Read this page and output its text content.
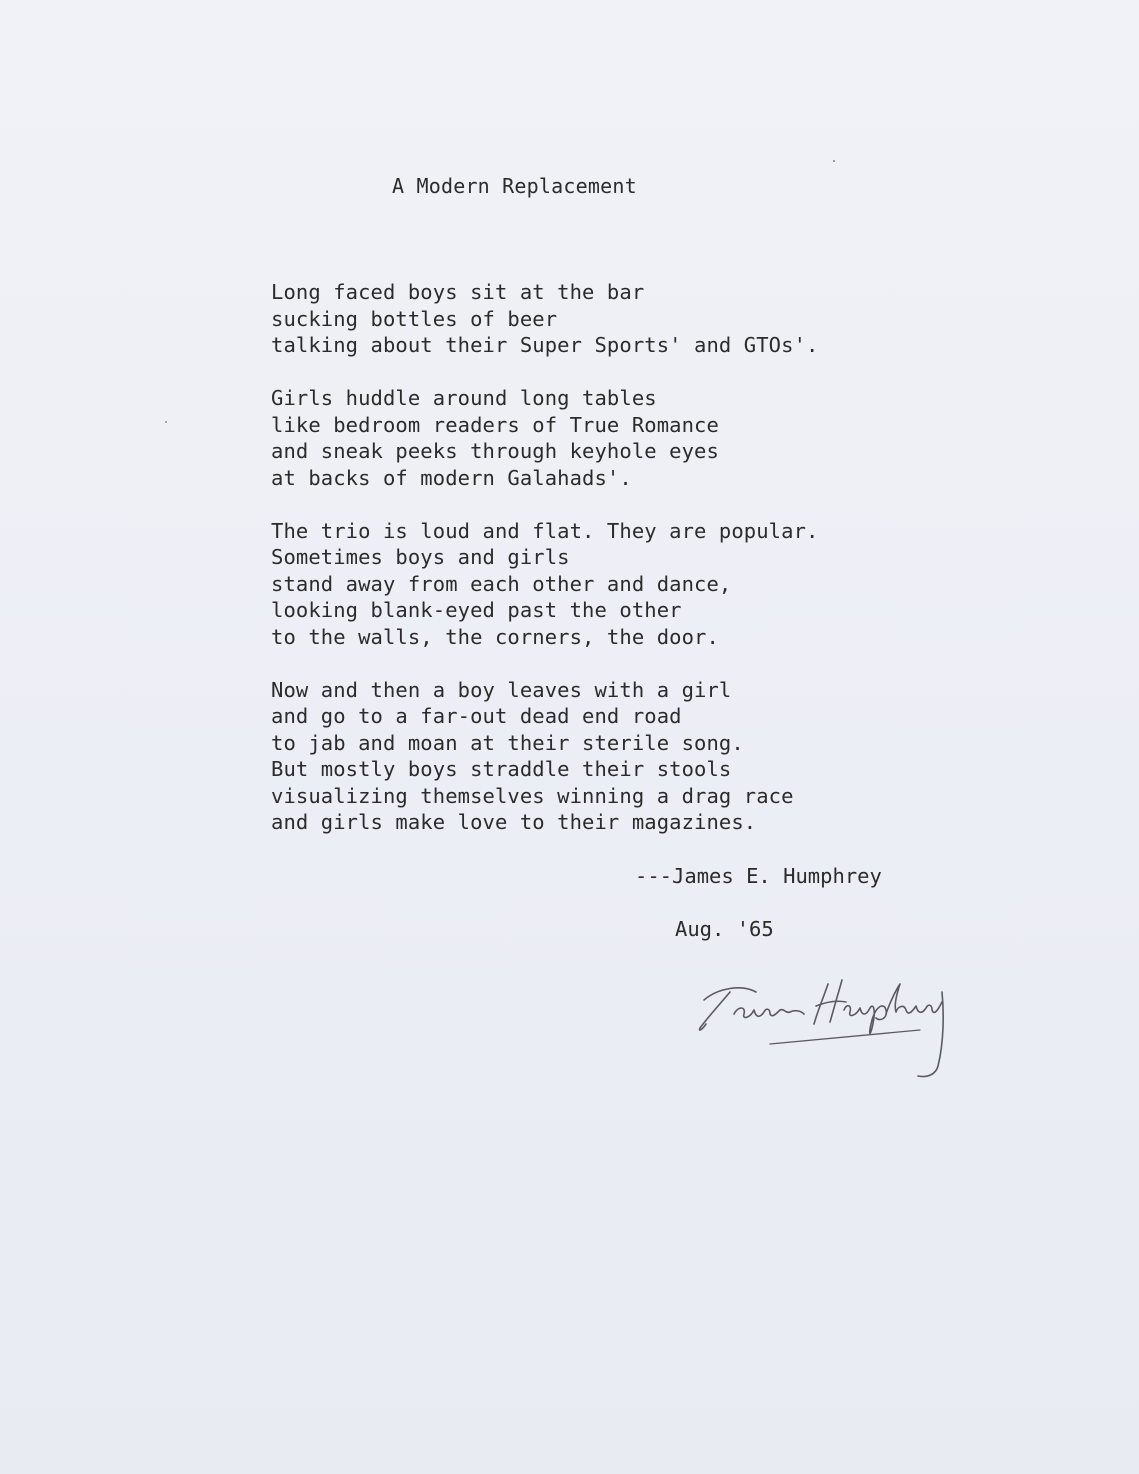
A Modern Replacement
Long faced boys sit at the bar
sucking bottles of beer
talking about their Super Sports' and GTOs'.
Girls huddle around long tables
like bedroom readers of True Romance
and sneak peeks through keyhole eyes
at backs of modern Galahads'.
The trio is loud and flat. They are popular.
Sometimes boys and girls
stand away from each other and dance,
looking blank-eyed past the other
to the walls, the corners, the door.
Now and then a boy leaves with a girl
and go to a far-out dead end road
to jab and moan at their sterile song.
But mostly boys straddle their stools
visualizing themselves winning a drag race
and girls make love to their magazines.
---James E. Humphrey
Aug. '65
